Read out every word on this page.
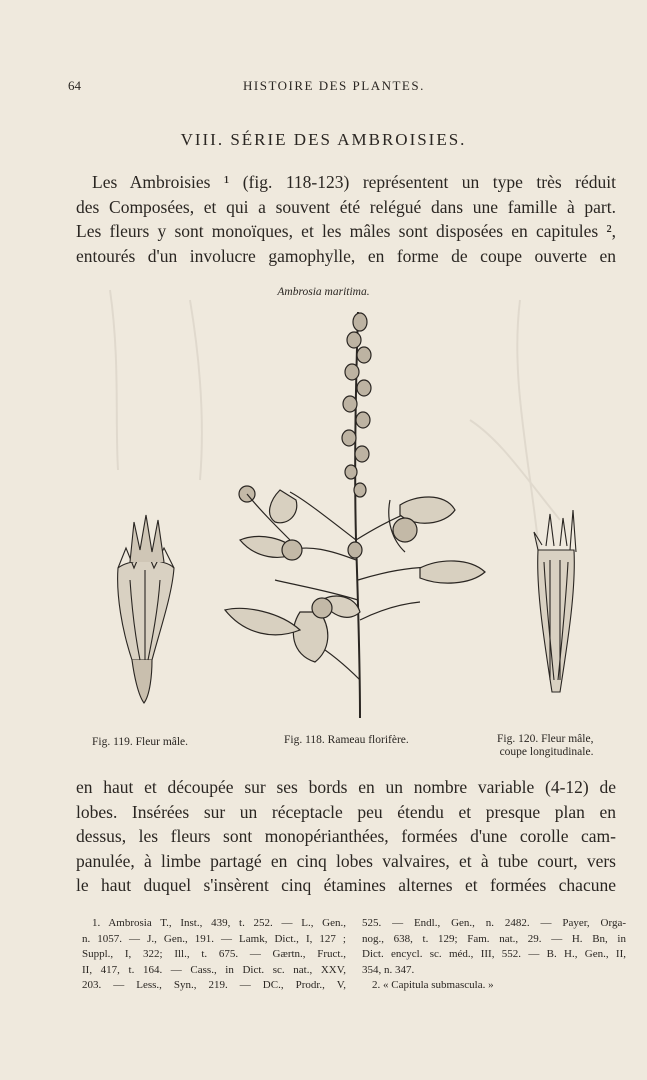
64	HISTOIRE DES PLANTES.
VIII. SÉRIE DES AMBROISIES.
Les Ambroisies ¹ (fig. 118-123) représentent un type très réduit
des Composées, et qui a souvent été relégué dans une famille à part.
Les fleurs y sont monoïques, et les mâles sont disposées en capitules ²,
entourés d'un involucre gamophylle, en forme de coupe ouverte en
Ambrosia maritima.
Fig. 119. Fleur mâle.	Fig. 118. Rameau florifère.	Fig. 120. Fleur mâle,
coupe longitudinale.
en haut et découpée sur ses bords en un nombre variable (4-12) de
lobes. Insérées sur un réceptacle peu étendu et presque plan en
dessus, les fleurs sont monopérianthées, formées d'une corolle cam-
panulée, à limbe partagé en cinq lobes valvaires, et à tube court, vers
le haut duquel s'insèrent cinq étamines alternes et formées chacune
1. Ambrosia T., Inst., 439, t. 252. — L., Gen.,
n. 1057. — J., Gen., 191. — Lamk, Dict., I, 127 ;
Suppl., I, 322; Ill., t. 675. — Gærtn., Fruct.,
II, 417, t. 164. — Cass., in Dict. sc. nat., XXV,
203. — Less., Syn., 219. — DC., Prodr., V,
525. — Endl., Gen., n. 2482. — Payer, Orga-
nog., 638, t. 129; Fam. nat., 29. — H. Bn, in
Dict. encycl. sc. méd., III, 552. — B. H., Gen., II,
354, n. 347.
2. « Capitula submascula. »
